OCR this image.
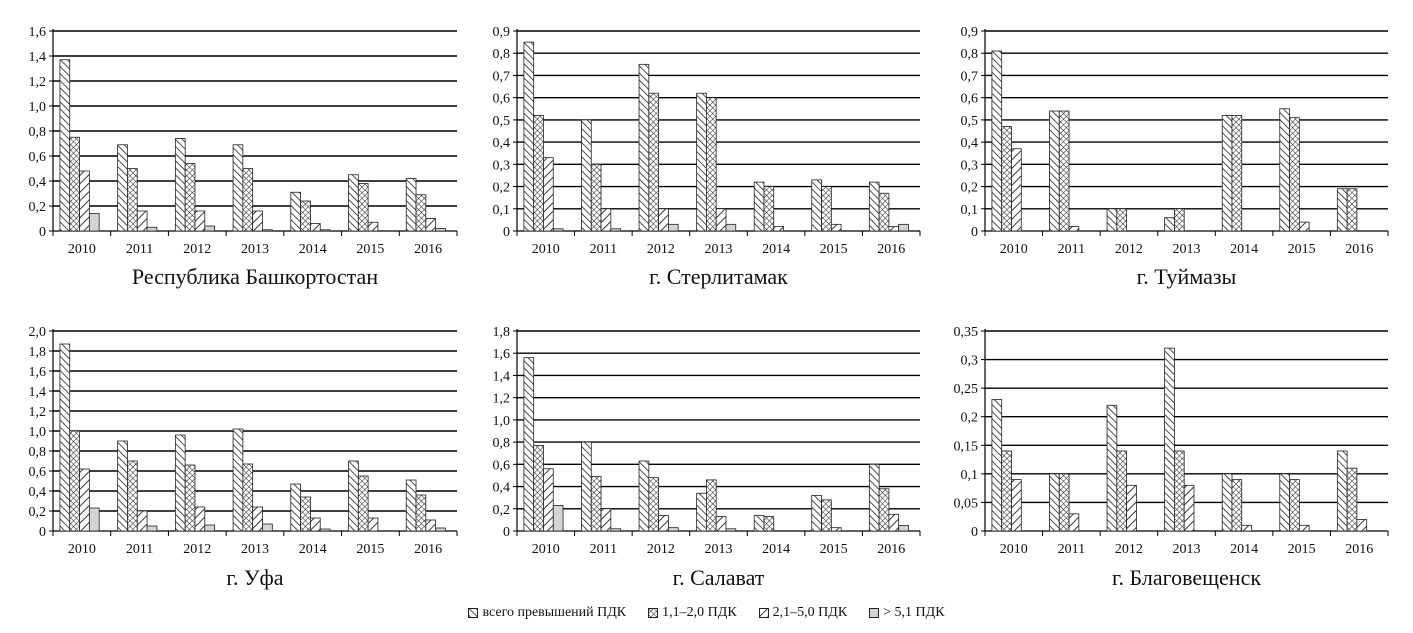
0
0,2
0,4
0,6
0,8
1,0
1,2
1,4
1,6
2010 2011 2012 2013 2014 2015 2016
Республика Башкортостан
0
0,1
0,2
0,3
0,4
0,5
0,6
0,7
0,8
0,9
2010 2011 2012 2013 2014 2015 2016
г. Стерлитамак
0
0,1
0,2
0,3
0,4
0,5
0,6
0,7
0,8
0,9
2010 2011 2012 2013 2014 2015 2016
г. Туймазы
0
0,2
0,4
0,6
0,8
1,0
1,2
1,4
1,6
1,8
2,0
2010 2011 2012 2013 2014 2015 2016
г. Уфа
0
0,2
0,4
0,6
0,8
1,0
1,2
1,4
1,6
1,8
2010 2011 2012 2013 2014 2015 2016
г. Салават
0
0,05
0,1
0,15
0,2
0,25
0,3
0,35
2010 2011 2012 2013 2014 2015 2016
г. Благовещенск
всего превышений ПДК	1,1–2,0 ПДК	2,1–5,0 ПДК	> 5,1 ПДК
